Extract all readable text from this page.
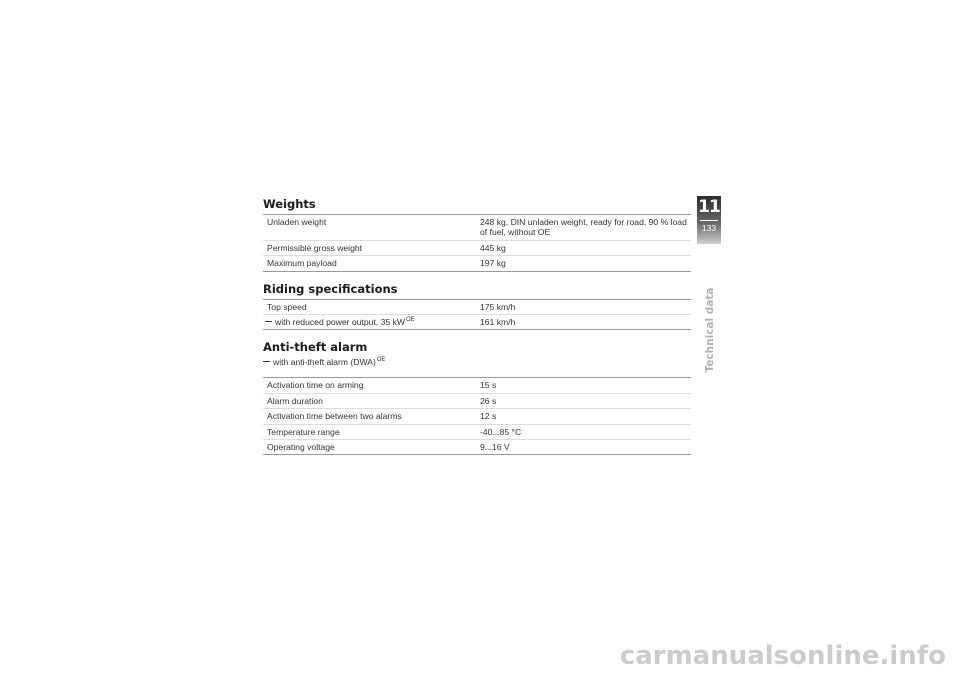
Weights
Unladen weight	248 kg, DIN unladen weight, ready for road, 90 % load of fuel, without OE
Permissible gross weight	445 kg
Maximum payload	197 kg
Riding specifications
Top speed	175 km/h
with reduced power output, 35 $kW^{OE}$	161 km/h
Anti-theft alarm
with anti-theft alarm (DWA)$^{OE}$
Activation time on arming	15 s
Alarm duration	26 s
Activation time between two alarms	12 s
Temperature range	-40...85 °C
Operating voltage	9...16 V
11
133
Technical data
carmanualsonline.info
